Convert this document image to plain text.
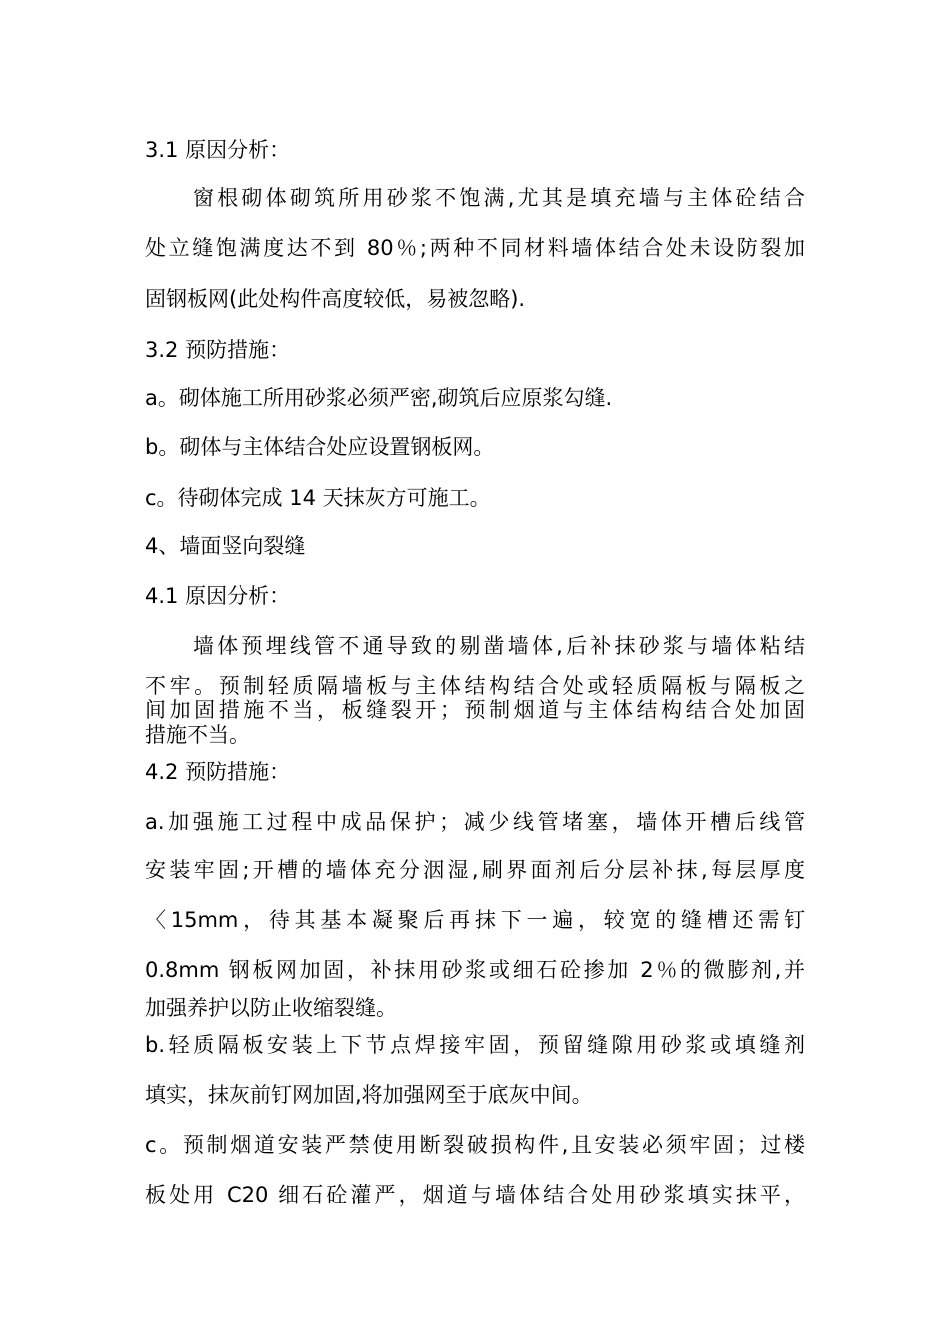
3.1 原因分析：
窗根砌体砌筑所用砂浆不饱满,尤其是填充墙与主体砼结合
处立缝饱满度达不到 80％;两种不同材料墙体结合处未设防裂加
固钢板网(此处构件高度较低，易被忽略).
3.2 预防措施：
a。砌体施工所用砂浆必须严密,砌筑后应原浆勾缝.
b。砌体与主体结合处应设置钢板网。
c。待砌体完成 14 天抹灰方可施工。
4、墙面竖向裂缝
4.1 原因分析：
墙体预埋线管不通导致的剔凿墙体,后补抹砂浆与墙体粘结
不牢。预制轻质隔墙板与主体结构结合处或轻质隔板与隔板之
间加固措施不当，板缝裂开；预制烟道与主体结构结合处加固
措施不当。
4.2 预防措施：
a.加强施工过程中成品保护；减少线管堵塞，墙体开槽后线管
安装牢固;开槽的墙体充分洇湿,刷界面剂后分层补抹,每层厚度
〈15mm，待其基本凝聚后再抹下一遍，较宽的缝槽还需钉
0.8mm 钢板网加固，补抹用砂浆或细石砼掺加 2％的微膨剂,并
加强养护以防止收缩裂缝。
b.轻质隔板安装上下节点焊接牢固，预留缝隙用砂浆或填缝剂
填实，抹灰前钉网加固,将加强网至于底灰中间。
c。预制烟道安装严禁使用断裂破损构件,且安装必须牢固；过楼
板处用 C20 细石砼灌严，烟道与墙体结合处用砂浆填实抹平，
